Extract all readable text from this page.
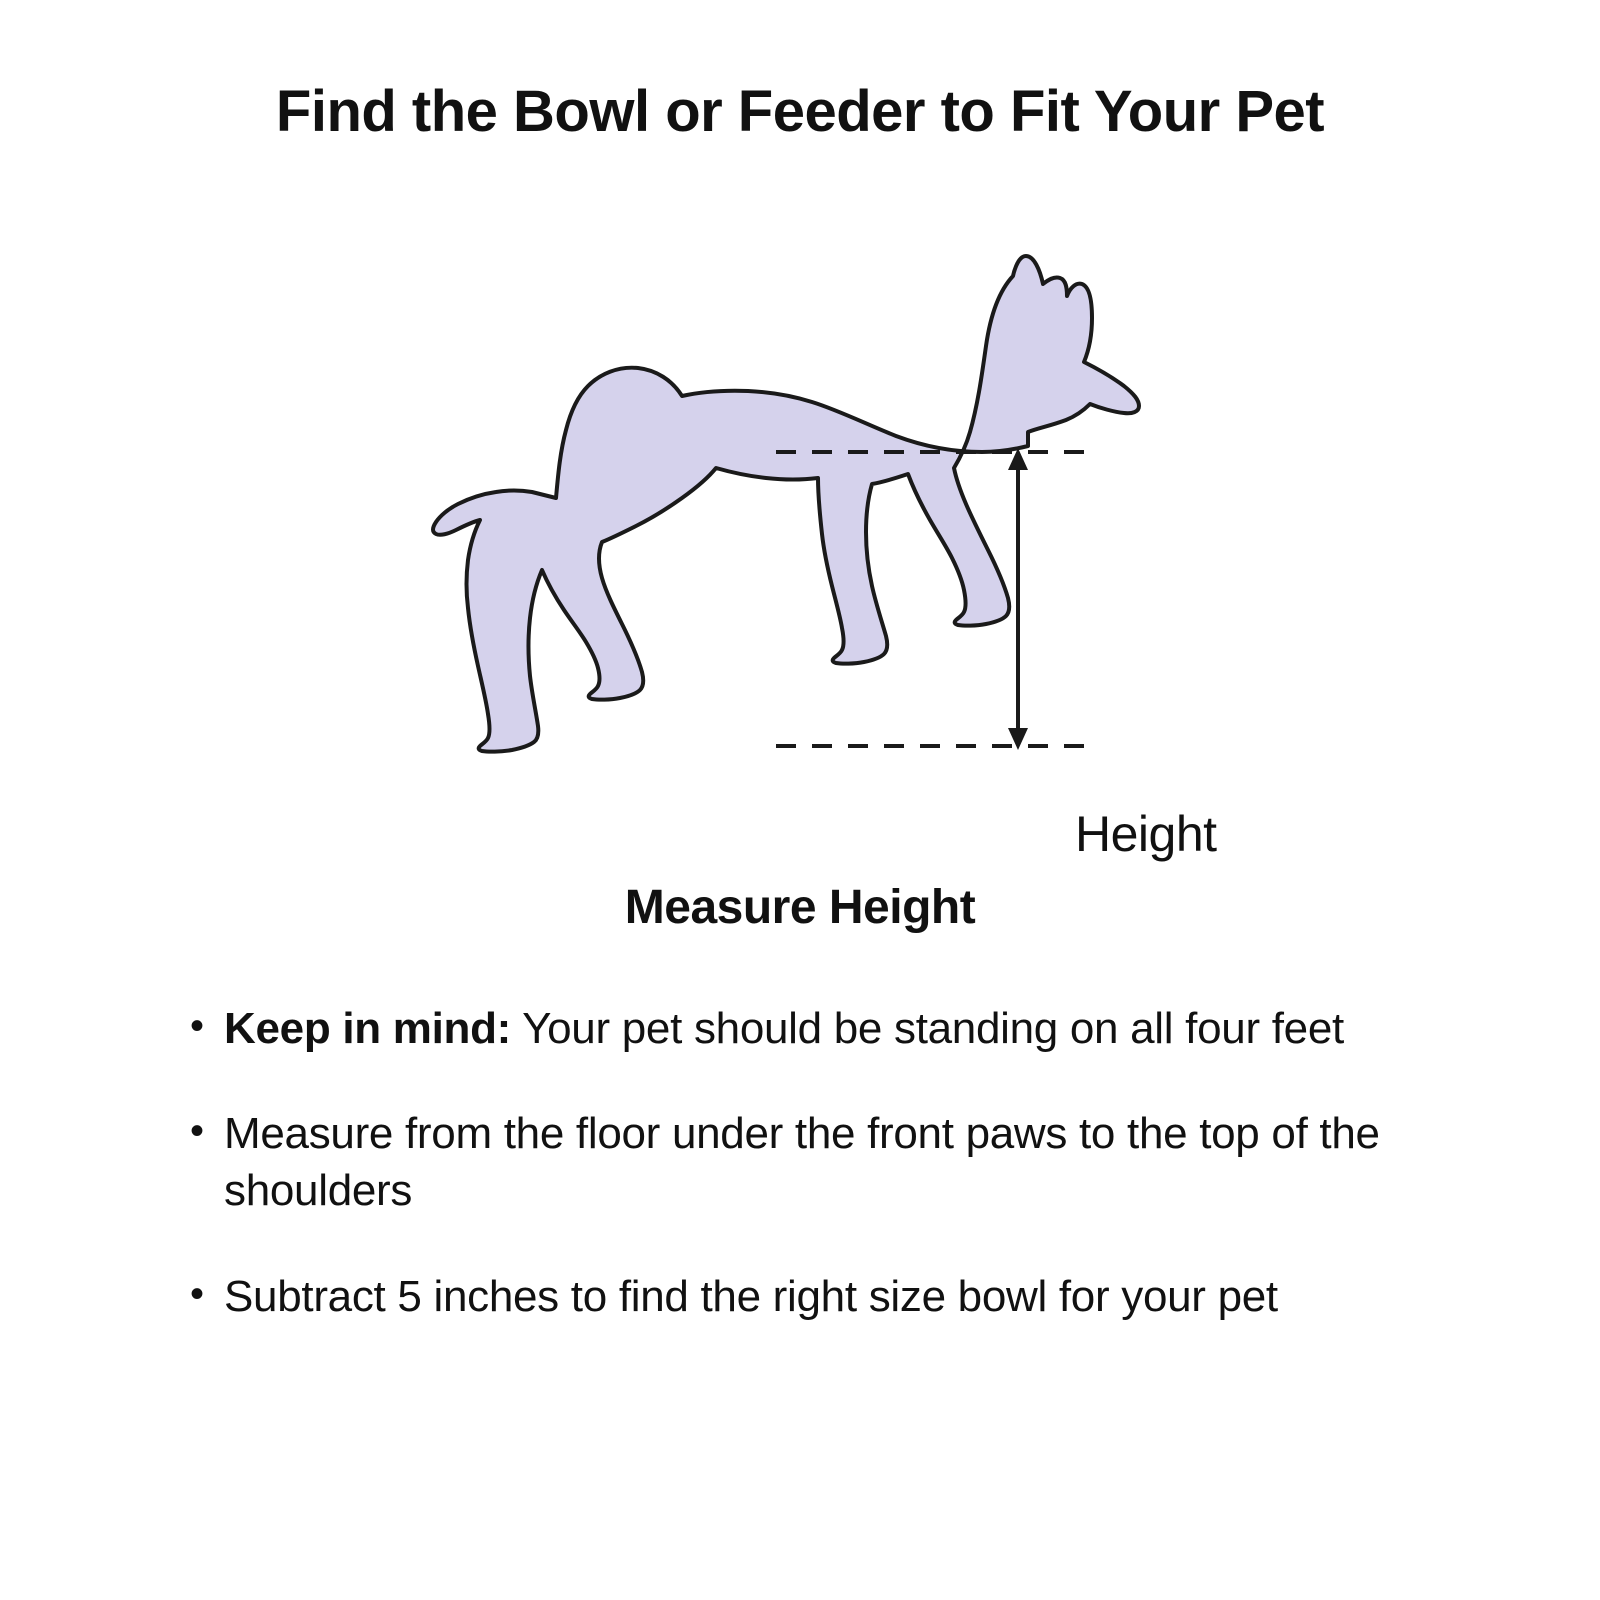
Find the Bowl or Feeder to Fit Your Pet
Height
Measure Height
• Keep in mind: Your pet should be standing on all four feet
• Measure from the floor under the front paws to the top of the shoulders
• Subtract 5 inches to find the right size bowl for your pet
